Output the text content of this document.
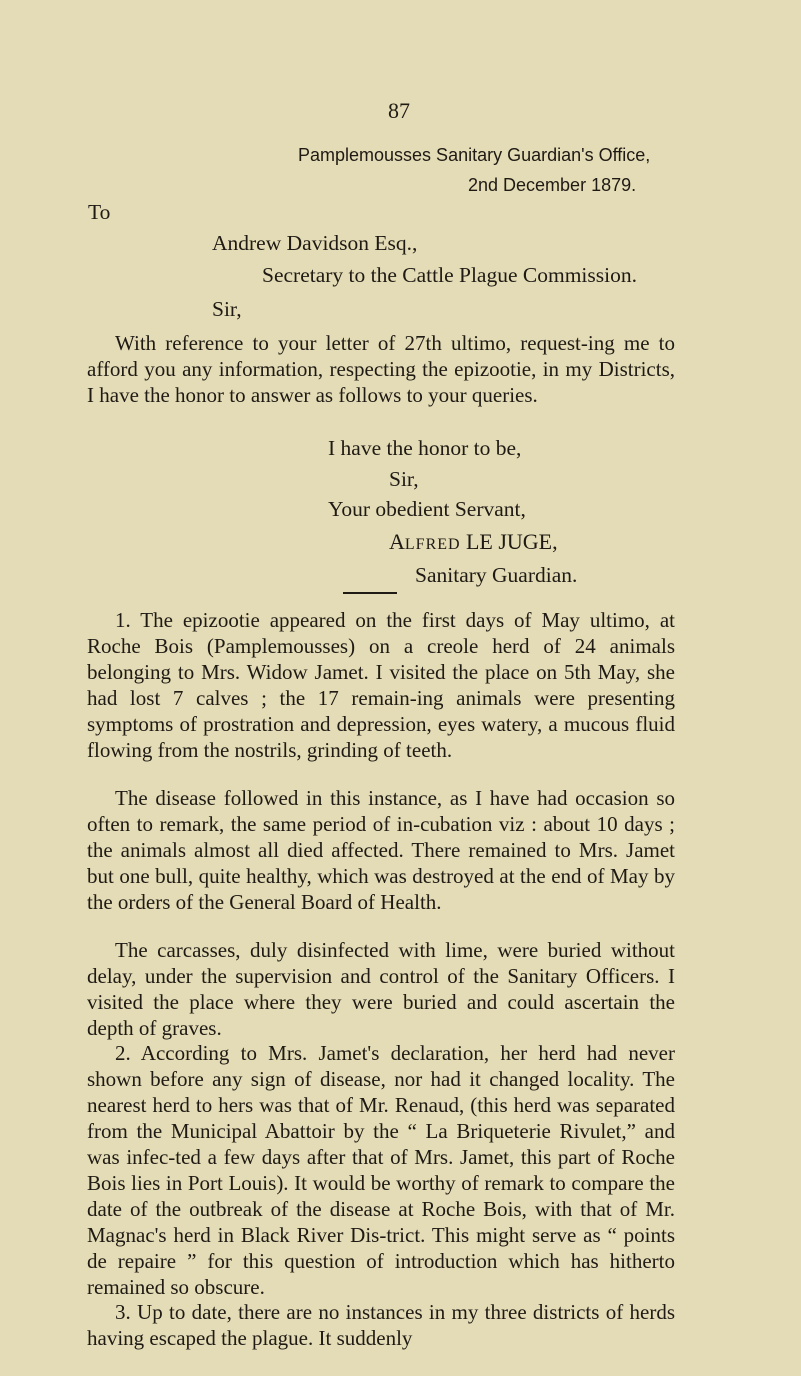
87
Pamplemousses Sanitary Guardian's Office,
2nd December 1879.
To
Andrew Davidson Esq.,
Secretary to the Cattle Plague Commission.
Sir,

With reference to your letter of 27th ultimo, request-ing me to afford you any information, respecting the epizootie, in my Districts, I have the honor to answer as follows to your queries.

I have the honor to be,
Sir,
Your obedient Servant,
ALFRED LE JUGE,
Sanitary Guardian.

1. The epizootie appeared on the first days of May ultimo, at Roche Bois (Pamplemousses) on a creole herd of 24 animals belonging to Mrs. Widow Jamet. I visited the place on 5th May, she had lost 7 calves ; the 17 remain-ing animals were presenting symptoms of prostration and depression, eyes watery, a mucous fluid flowing from the nostrils, grinding of teeth.

The disease followed in this instance, as I have had occasion so often to remark, the same period of in-cubation viz : about 10 days ; the animals almost all died affected. There remained to Mrs. Jamet but one bull, quite healthy, which was destroyed at the end of May by the orders of the General Board of Health.

The carcasses, duly disinfected with lime, were buried without delay, under the supervision and control of the Sanitary Officers. I visited the place where they were buried and could ascertain the depth of graves.

2. According to Mrs. Jamet's declaration, her herd had never shown before any sign of disease, nor had it changed locality. The nearest herd to hers was that of Mr. Renaud, (this herd was separated from the Municipal Abattoir by the “ La Briqueterie Rivulet,” and was infec-ted a few days after that of Mrs. Jamet, this part of Roche Bois lies in Port Louis). It would be worthy of remark to compare the date of the outbreak of the disease at Roche Bois, with that of Mr. Magnac's herd in Black River Dis-trict. This might serve as “ points de repaire ” for this question of introduction which has hitherto remained so obscure.

3. Up to date, there are no instances in my three districts of herds having escaped the plague. It suddenly
